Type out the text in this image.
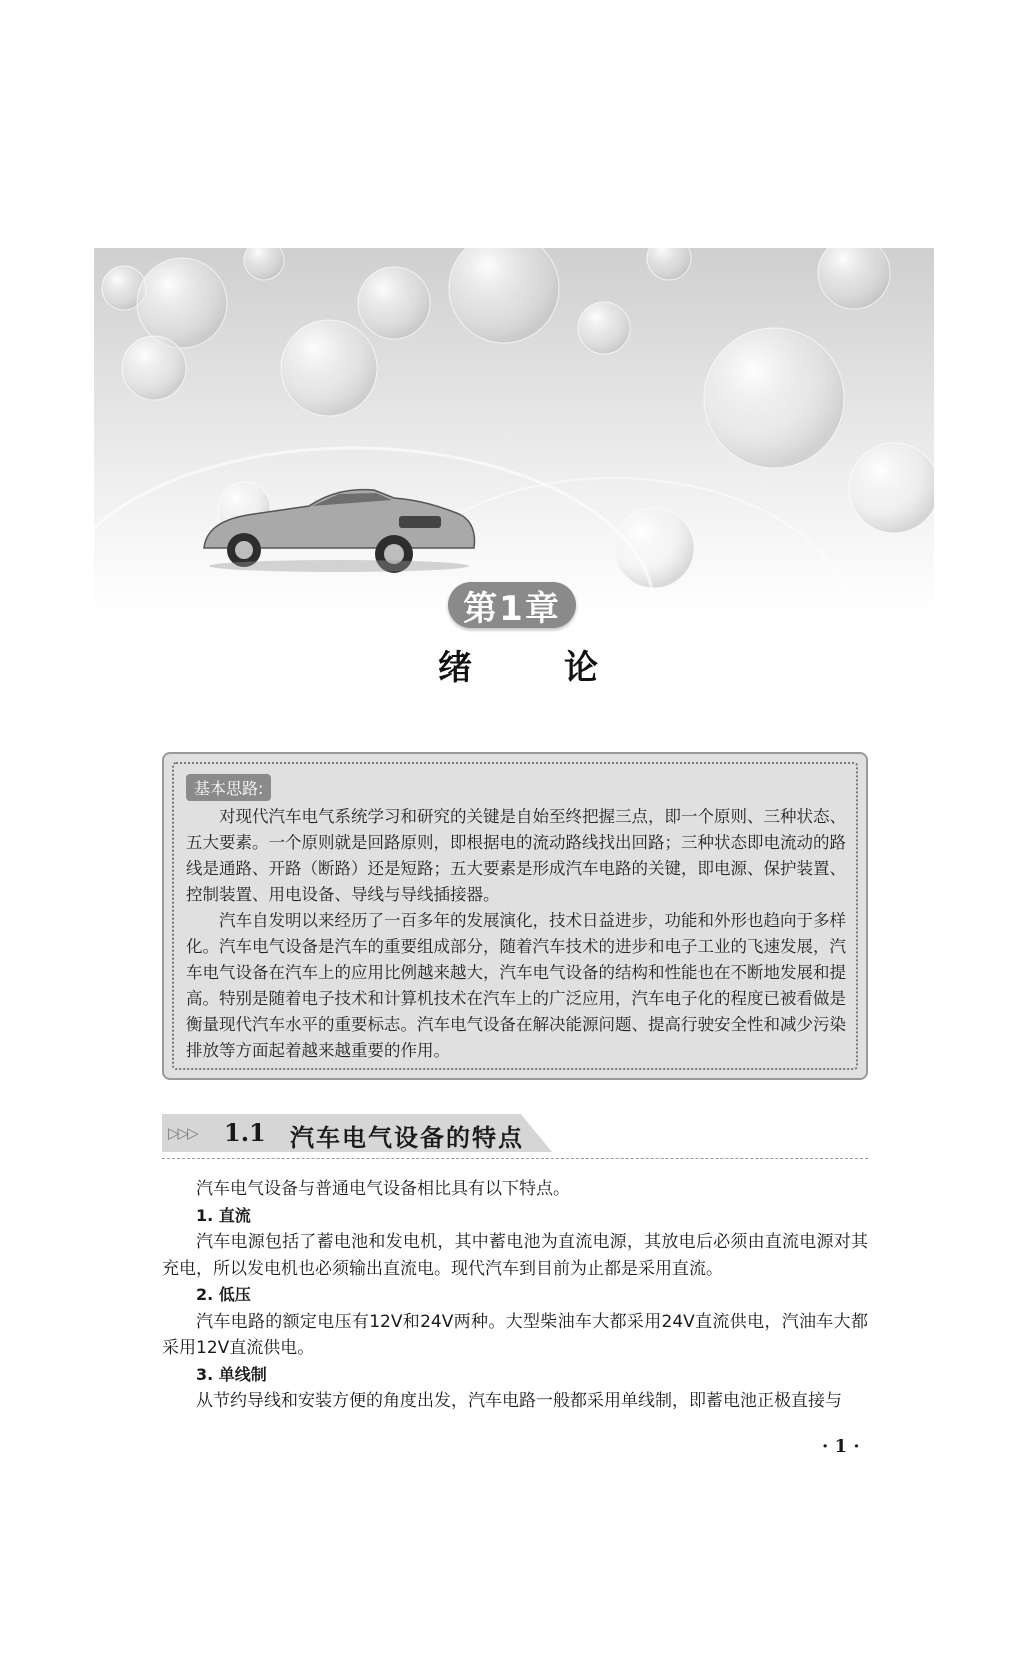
第1章
绪	论
基本思路:

对现代汽车电气系统学习和研究的关键是自始至终把握三点，即一个原则、三种状态、五大要素。一个原则就是回路原则，即根据电的流动路线找出回路；三种状态即电流动的路线是通路、开路（断路）还是短路；五大要素是形成汽车电路的关键，即电源、保护装置、控制装置、用电设备、导线与导线插接器。

汽车自发明以来经历了一百多年的发展演化，技术日益进步，功能和外形也趋向于多样化。汽车电气设备是汽车的重要组成部分，随着汽车技术的进步和电子工业的飞速发展，汽车电气设备在汽车上的应用比例越来越大，汽车电气设备的结构和性能也在不断地发展和提高。特别是随着电子技术和计算机技术在汽车上的广泛应用，汽车电子化的程度已被看做是衡量现代汽车水平的重要标志。汽车电气设备在解决能源问题、提高行驶安全性和减少污染排放等方面起着越来越重要的作用。

▷▷▷ 1.1 汽车电气设备的特点

汽车电气设备与普通电气设备相比具有以下特点。

1. 直流

汽车电源包括了蓄电池和发电机，其中蓄电池为直流电源，其放电后必须由直流电源对其充电，所以发电机也必须输出直流电。现代汽车到目前为止都是采用直流。

2. 低压

汽车电路的额定电压有12V和24V两种。大型柴油车大都采用24V直流供电，汽油车大都采用12V直流供电。

3. 单线制

从节约导线和安装方便的角度出发，汽车电路一般都采用单线制，即蓄电池正极直接与

· 1 ·
